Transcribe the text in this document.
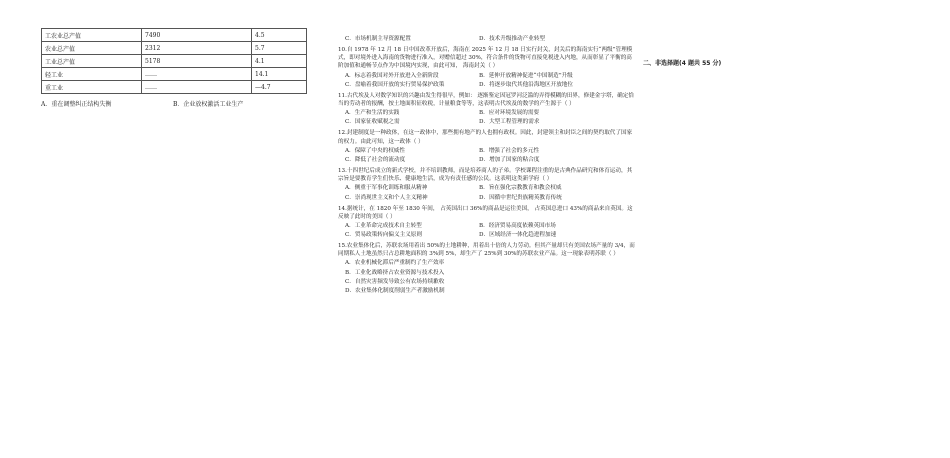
工农业总产值	7490	4.5
农业总产值	2312	5.7
工业总产值	5178	4.1
轻工业	……	14.1
重工业	……	—4.7
A．重在调整纠正结构失衡	B．企业放权激活工业生产
C．市场机制主导资源配置	D．技术升级推动产业转型

10.自 1978 年 12 月 18 日中国改革开放后，海南在 2025 年 12 月 18 日实行封关，封关后的海南实行“两级”管理模式，即对境外进入海南的货物进行准入，对赠信超过 30%，符合条件的货物可直接免税进入内地，从而彰显了平衡的高阶加值和通畅节点作为中国境内实现，由此可知， 海南封关（ ）

A．标志着我国对外开放进入全新阶段	B．延伸开放精神促进“中国制造”升级
C．盘喻着我国开放的实行贸易保护政策	D．将逐步取代其他沿海地区开放地位

11.古代埃及人对数学知识的兴趣由发生得很早，例如： 逐渐鉴定因冠罗河泛滥的弄得模糊的田界，修建金字塔，确定恰当的劳动者的报酬，按土地面积征收税，计量粮食等等，这表明古代埃及的数学的产生源于（ ）

A．生产和生活的实践	B．应对环境发展的需要
C．国家征收赋税之需	D．大型工程管理的需求

12.封建制度是一种政体，在这一政体中，那些拥有地产的人也拥有政权。因此，封建领主和封臣之间的契约取代了国家的权力。由此可知，这一政体（ ）

A．保障了中央的权威性	B．增强了社会的多元性
C．降低了社会的流动度	D．增加了国家的粘合度

13.十四世纪后成立的新式学校，并不培训教师，而是培养商人的子弟。学校课程注重的是古典作品研究和体育运动，其宗旨是要教育学生们快乐、健康地生活，成为有责任感的公民。这表明这类新学府（ ）

A．侧重于军事化训练和服从精神	B．旨在强化宗教教育和教会权威
C．崇尚现世主义和个人主义精神	D．因循中世纪贵族精英教育传统

14.据统计，在 1820 年至 1830 年间， 占英国出口 36%的商品是运往美国， 占英国总进口 43%的商品来自英国。这反映了此时的美国（ ）

A．工业革命完成技术自主转型	B．经济贸易高度依赖英国市场
C．贸易政策转向偏义主义原则	D．区域经济一体化趋进程加速

15.农业集体化后，苏联农场用着出 50%的土地耕种，用着出十倍的人力劳动。但其产量却只有美国农场产量的 3/4，而同期私人土地虽然只占总耕地面积的 3%到 5%，却生产了 25%到 30%的苏联农业产品。这一现象表明苏联（ ）

A．农业机械化滞后严重制约了生产效率
B．工业化战略挤占农业资源与技术投入
C．自然灾害频发导致公有农场持续歉收
D．农业集体化制度削弱生产者激励机制
二、非选择题(4 题共 55 分)
